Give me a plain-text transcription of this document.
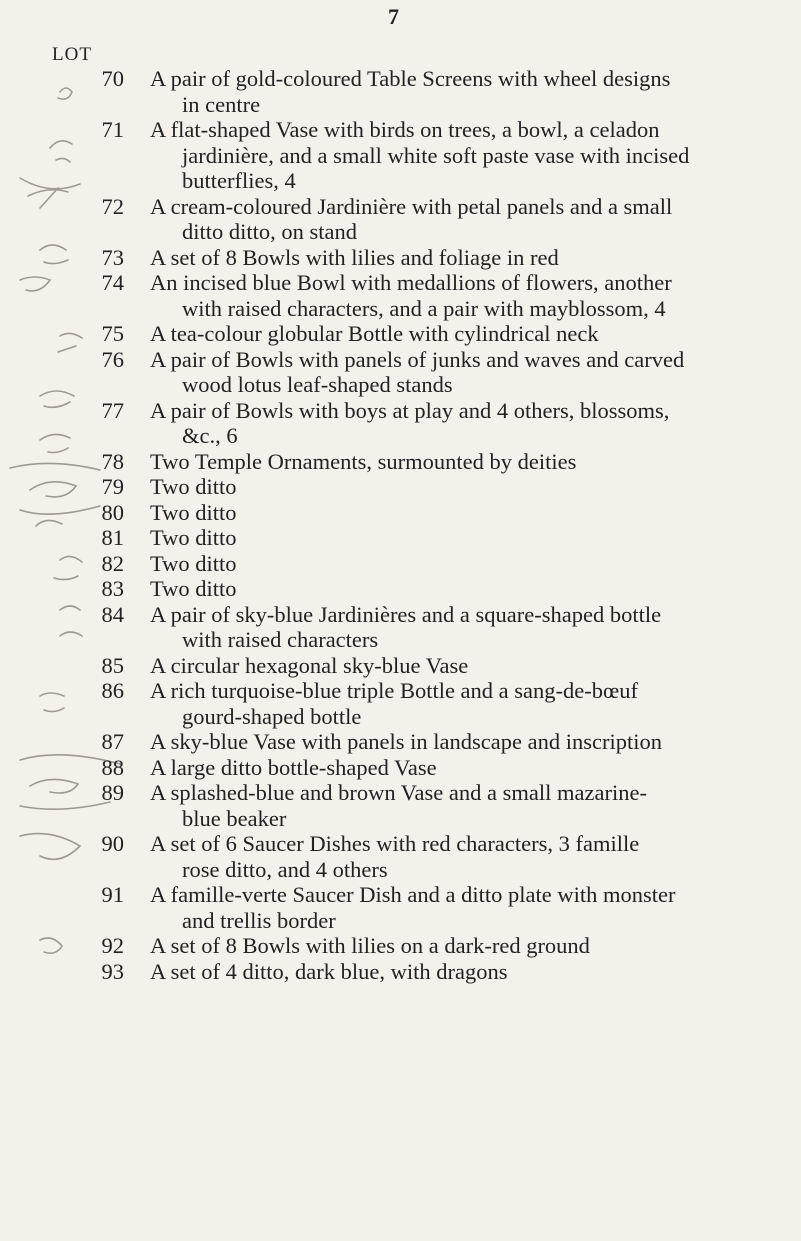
7
LOT
70 A pair of gold-coloured Table Screens with wheel designs
in centre
71 A flat-shaped Vase with birds on trees, a bowl, a celadon
jardinière, and a small white soft paste vase with incised
butterflies, 4
72 A cream-coloured Jardinière with petal panels and a small
ditto ditto, on stand
73 A set of 8 Bowls with lilies and foliage in red
74 An incised blue Bowl with medallions of flowers, another
with raised characters, and a pair with mayblossom, 4
75 A tea-colour globular Bottle with cylindrical neck
76 A pair of Bowls with panels of junks and waves and carved
wood lotus leaf-shaped stands
77 A pair of Bowls with boys at play and 4 others, blossoms,
&c., 6
78 Two Temple Ornaments, surmounted by deities
79 Two ditto
80 Two ditto
81 Two ditto
82 Two ditto
83 Two ditto
84 A pair of sky-blue Jardinières and a square-shaped bottle
with raised characters
85 A circular hexagonal sky-blue Vase
86 A rich turquoise-blue triple Bottle and a sang-de-bœuf
gourd-shaped bottle
87 A sky-blue Vase with panels in landscape and inscription
88 A large ditto bottle-shaped Vase
89 A splashed-blue and brown Vase and a small mazarine-
blue beaker
90 A set of 6 Saucer Dishes with red characters, 3 famille
rose ditto, and 4 others
91 A famille-verte Saucer Dish and a ditto plate with monster
and trellis border
92 A set of 8 Bowls with lilies on a dark-red ground
93 A set of 4 ditto, dark blue, with dragons
